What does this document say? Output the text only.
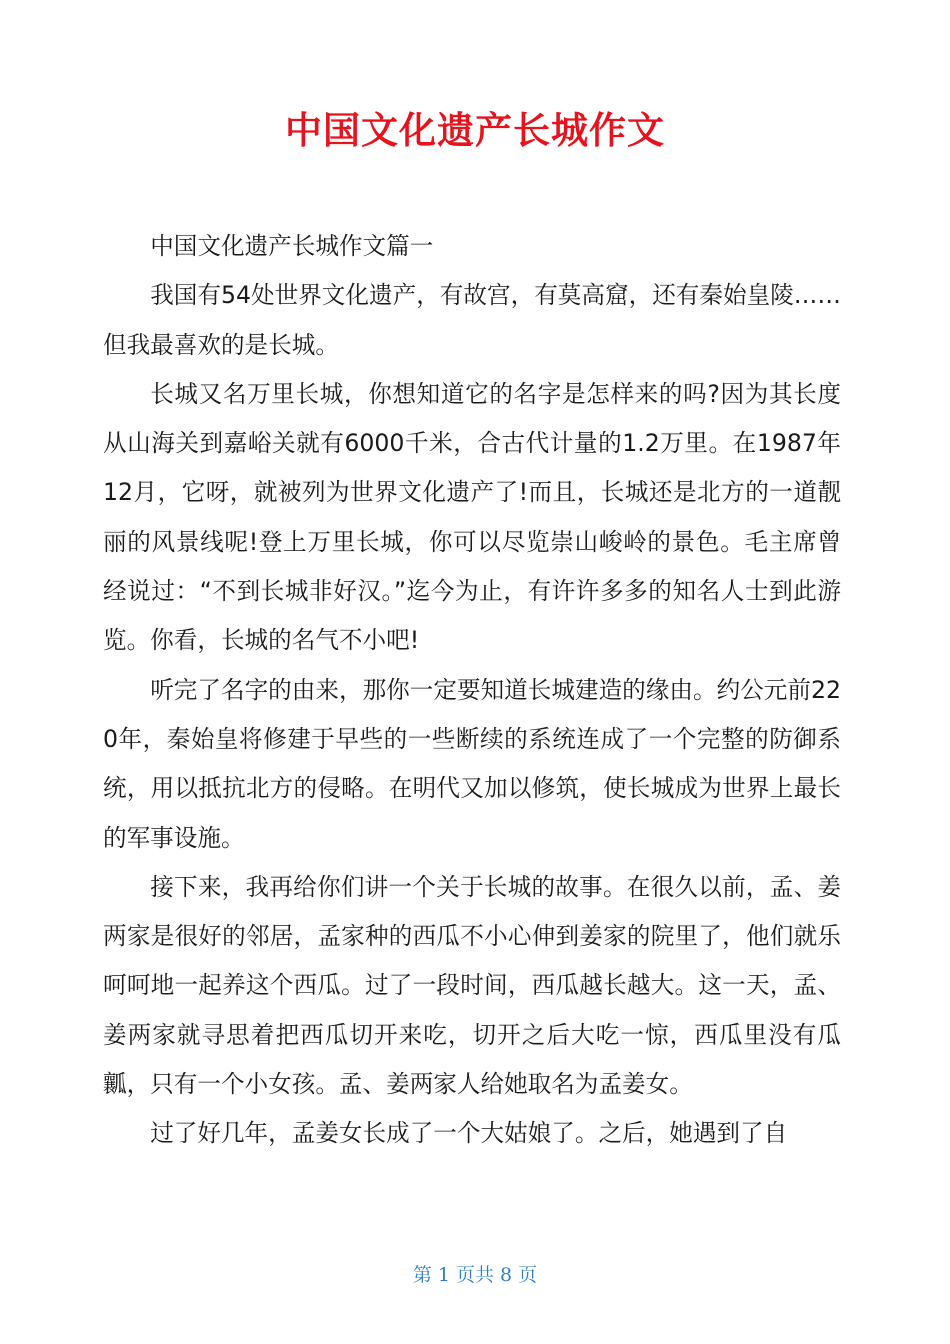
中国文化遗产长城作文

中国文化遗产长城作文篇一

我国有54处世界文化遗产，有故宫，有莫高窟，还有秦始皇陵……但我最喜欢的是长城。

长城又名万里长城，你想知道它的名字是怎样来的吗?因为其长度从山海关到嘉峪关就有6000千米，合古代计量的1.2万里。在1987年12月，它呀，就被列为世界文化遗产了!而且，长城还是北方的一道靓丽的风景线呢!登上万里长城，你可以尽览崇山峻岭的景色。毛主席曾经说过：“不到长城非好汉。”迄今为止，有许许多多的知名人士到此游览。你看，长城的名气不小吧!

听完了名字的由来，那你一定要知道长城建造的缘由。约公元前220年，秦始皇将修建于早些的一些断续的系统连成了一个完整的防御系统，用以抵抗北方的侵略。在明代又加以修筑，使长城成为世界上最长的军事设施。

接下来，我再给你们讲一个关于长城的故事。在很久以前，孟、姜两家是很好的邻居，孟家种的西瓜不小心伸到姜家的院里了，他们就乐呵呵地一起养这个西瓜。过了一段时间，西瓜越长越大。这一天，孟、姜两家就寻思着把西瓜切开来吃，切开之后大吃一惊，西瓜里没有瓜瓤，只有一个小女孩。孟、姜两家人给她取名为孟姜女。

过了好几年，孟姜女长成了一个大姑娘了。之后，她遇到了自

第 1 页共 8 页
